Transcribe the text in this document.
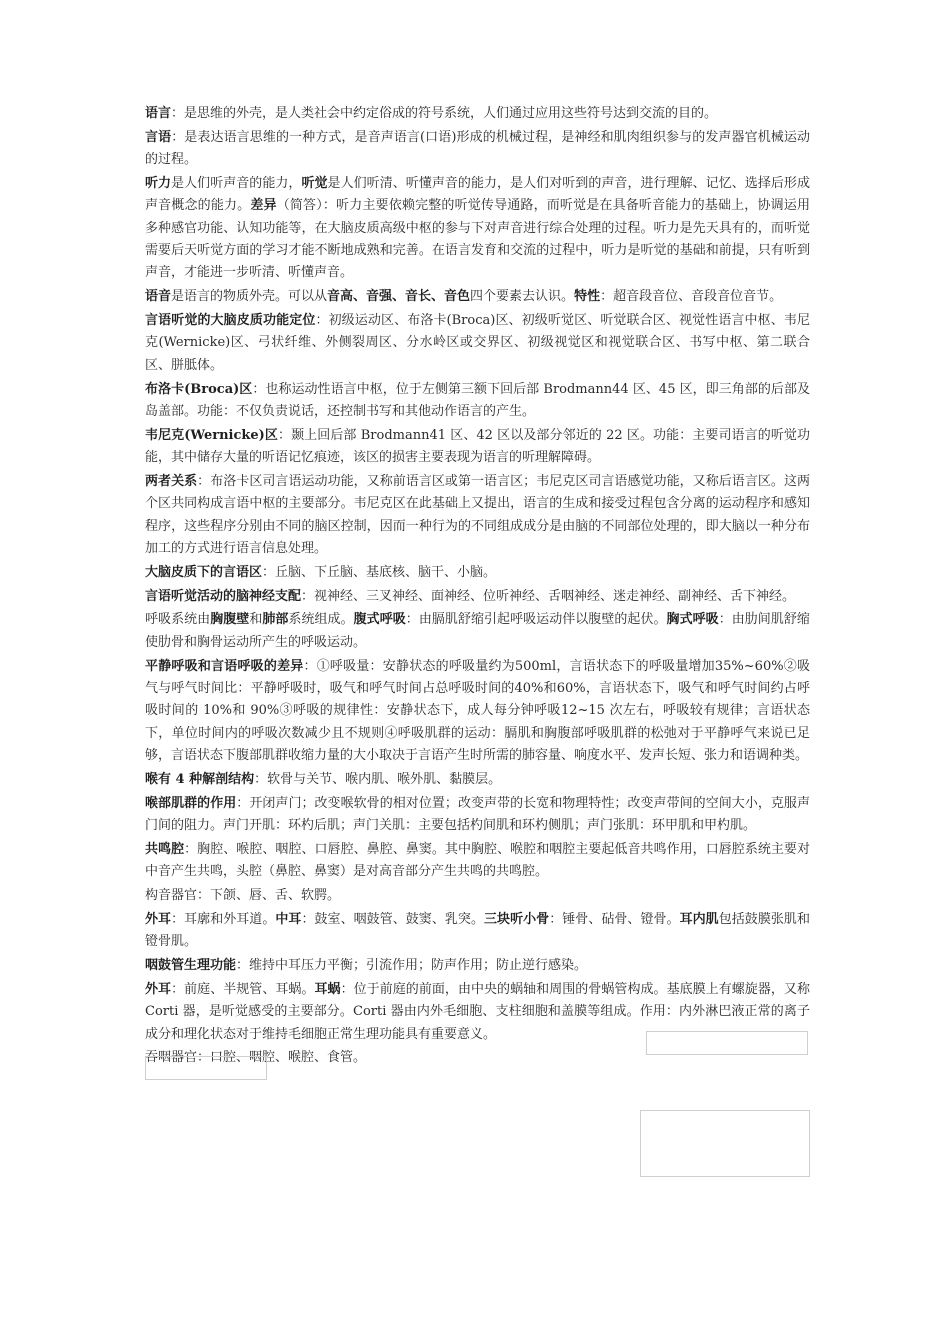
语言：是思维的外壳，是人类社会中约定俗成的符号系统，人们通过应用这些符号达到交流的目的。

言语：是表达语言思维的一种方式，是音声语言(口语)形成的机械过程，是神经和肌肉组织参与的发声器官机械运动的过程。

听力是人们听声音的能力，听觉是人们听清、听懂声音的能力，是人们对听到的声音，进行理解、记忆、选择后形成声音概念的能力。差异（简答）：听力主要依赖完整的听觉传导通路，而听觉是在具备听音能力的基础上，协调运用多种感官功能、认知功能等，在大脑皮质高级中枢的参与下对声音进行综合处理的过程。听力是先天具有的，而听觉需要后天听觉方面的学习才能不断地成熟和完善。在语言发育和交流的过程中，听力是听觉的基础和前提，只有听到声音，才能进一步听清、听懂声音。

语音是语言的物质外壳。可以从音高、音强、音长、音色四个要素去认识。特性：超音段音位、音段音位音节。

言语听觉的大脑皮质功能定位：初级运动区、布洛卡(Broca)区、初级听觉区、听觉联合区、视觉性语言中枢、韦尼克(Wernicke)区、弓状纤维、外侧裂周区、分水岭区或交界区、初级视觉区和视觉联合区、书写中枢、第二联合区、胼胝体。

布洛卡(Broca)区：也称运动性语言中枢，位于左侧第三额下回后部 Brodmann44 区、45 区，即三角部的后部及岛盖部。功能：不仅负责说话，还控制书写和其他动作语言的产生。

韦尼克(Wernicke)区：颞上回后部 Brodmann41 区、42 区以及部分邻近的 22 区。功能：主要司语言的听觉功能，其中储存大量的听语记忆痕迹，该区的损害主要表现为语言的听理解障碍。

两者关系：布洛卡区司言语运动功能，又称前语言区或第一语言区；韦尼克区司言语感觉功能，又称后语言区。这两个区共同构成言语中枢的主要部分。韦尼克区在此基础上又提出，语言的生成和接受过程包含分离的运动程序和感知程序，这些程序分别由不同的脑区控制，因而一种行为的不同组成成分是由脑的不同部位处理的，即大脑以一种分布加工的方式进行语言信息处理。

大脑皮质下的言语区：丘脑、下丘脑、基底核、脑干、小脑。

言语听觉活动的脑神经支配：视神经、三叉神经、面神经、位听神经、舌咽神经、迷走神经、副神经、舌下神经。

呼吸系统由胸腹壁和肺部系统组成。腹式呼吸：由膈肌舒缩引起呼吸运动伴以腹壁的起伏。胸式呼吸：由肋间肌舒缩使肋骨和胸骨运动所产生的呼吸运动。

平静呼吸和言语呼吸的差异：①呼吸量：安静状态的呼吸量约为500ml，言语状态下的呼吸量增加35%~60%②吸气与呼气时间比：平静呼吸时，吸气和呼气时间占总呼吸时间的40%和60%，言语状态下，吸气和呼气时间约占呼吸时间的 10%和 90%③呼吸的规律性：安静状态下，成人每分钟呼吸12~15 次左右，呼吸较有规律；言语状态下，单位时间内的呼吸次数减少且不规则④呼吸肌群的运动：膈肌和胸腹部呼吸肌群的松弛对于平静呼气来说已足够，言语状态下腹部肌群收缩力量的大小取决于言语产生时所需的肺容量、响度水平、发声长短、张力和语调种类。

喉有 4 种解剖结构：软骨与关节、喉内肌、喉外肌、黏膜层。

喉部肌群的作用：开闭声门；改变喉软骨的相对位置；改变声带的长宽和物理特性；改变声带间的空间大小，克服声门间的阻力。声门开肌：环杓后肌；声门关肌：主要包括杓间肌和环杓侧肌；声门张肌：环甲肌和甲杓肌。

共鸣腔：胸腔、喉腔、咽腔、口唇腔、鼻腔、鼻窦。其中胸腔、喉腔和咽腔主要起低音共鸣作用，口唇腔系统主要对中音产生共鸣，头腔（鼻腔、鼻窦）是对高音部分产生共鸣的共鸣腔。

构音器官：下颌、唇、舌、软腭。

外耳：耳廓和外耳道。中耳：鼓室、咽鼓管、鼓窦、乳突。三块听小骨：锤骨、砧骨、镫骨。耳内肌包括鼓膜张肌和镫骨肌。

咽鼓管生理功能：维持中耳压力平衡；引流作用；防声作用；防止逆行感染。

外耳：前庭、半规管、耳蜗。耳蜗：位于前庭的前面，由中央的蜗轴和周围的骨蜗管构成。基底膜上有螺旋器，又称 Corti 器，是听觉感受的主要部分。Corti 器由内外毛细胞、支柱细胞和盖膜等组成。作用：内外淋巴液正常的离子成分和理化状态对于维持毛细胞正常生理功能具有重要意义。

吞咽器官：口腔、咽腔、喉腔、食管。
